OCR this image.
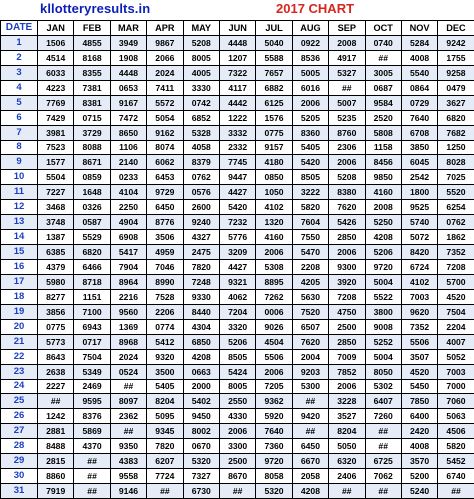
kllotteryresults.in	2017 CHART
DATE	JAN	FEB	MAR	APR	MAY	JUN	JUL	AUG	SEP	OCT	NOV	DEC
1	1506	4855	3949	9867	5208	4448	5040	0922	2008	0740	5284	9242
2	4514	8168	1908	2066	8005	1207	5588	8536	4917	##	4008	1755
3	6033	8355	4448	2024	4005	7322	7657	5005	5327	3005	5540	9258
4	4223	7381	0653	7411	3330	4117	6882	6016	##	0687	0864	0479
5	7769	8381	9167	5572	0742	4442	6125	2006	5007	9584	0729	3627
6	7429	0715	7472	5054	6852	1222	1576	5205	5235	2520	7640	6820
7	3981	3729	8650	9162	5328	3332	0775	8360	8760	5808	6708	7682
8	7523	8088	1106	8074	4058	2332	9157	5405	2306	1158	3850	1250
9	1577	8671	2140	6062	8379	7745	4180	5420	2006	8456	6045	8028
10	5504	0859	0233	6453	0762	9447	0850	8505	5208	9850	2542	7025
11	7227	1648	4104	9729	0576	4427	1050	3222	8380	4160	1800	5520
12	3468	0326	2250	6450	2600	5420	4102	5820	7620	2008	9525	6254
13	3748	0587	4904	8776	9240	7232	1320	7604	5426	5250	5740	0762
14	1387	5529	6908	3506	4327	5776	4160	7550	2850	4208	5072	1862
15	6385	6820	5417	4959	2475	3209	2006	5470	2006	5206	8420	7352
16	4379	6466	7904	7046	7820	4427	5308	2208	9300	9720	6724	7208
17	5980	8718	8964	8990	7248	9321	8895	4205	3920	5004	4102	5700
18	8277	1151	2216	7528	9330	4062	7262	5630	7208	5522	7003	4520
19	3856	7100	9560	2206	8440	7204	0006	7520	4750	3800	9620	7504
20	0775	6943	1369	0774	4304	3320	9026	6507	2500	9008	7352	2204
21	5773	0717	8968	5412	6850	5206	4504	7620	2850	5252	5506	4007
22	8643	7504	2024	9320	4208	8505	5506	2004	7009	5004	3507	5052
23	2638	5349	0524	3500	0663	5424	2006	9203	7852	8050	4520	7003
24	2227	2469	##	5405	2000	8005	7205	5300	2006	5302	5450	7000
25	##	9595	8097	8204	5402	2550	9362	##	3228	6407	7850	7060
26	1242	8376	2362	5095	9450	4330	5920	9420	3527	7260	6400	5063
27	2881	5869	##	9345	8002	2006	7640	##	8204	##	2420	4506
28	8488	4370	9350	7820	0670	3300	7360	6450	5050	##	4008	5820
29	2815	##	4383	6207	5320	2500	9720	6670	6320	6725	3570	5452
30	8860	##	9558	7724	7327	8670	8058	2058	2406	7062	5200	6740
31	7919	##	9146	##	6730	##	5320	4208	##	##	5240	##
